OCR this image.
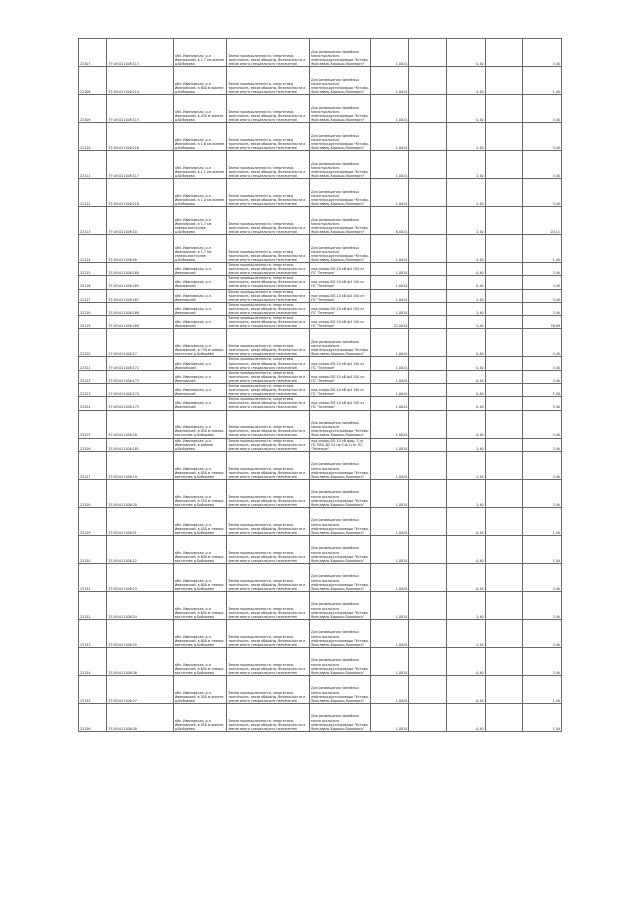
22107	37:05:011106:113	обл. Ивановская, р-н Ивановский, в 1,7 км южнее д.Бибирево	Земли промышленности, энергетики, транспорта, связи обороны, безопасности и земли иного специального назначения	Для размещения линейных магистрального нефтепродуктопровода "Кстово-Ярославль-Кириши-Приморск"	1,0024		0,40		3,40
22108	37:05:011106:114	обл. Ивановская, р-н Ивановский, в 800 м южнее д.Бибирево	Земли промышленности, энергетики, транспорта, связи обороны, безопасности и земли иного специального назначения	Для размещения линейных магистрального нефтепродуктопровода "Кстово-Ярославль-Кириши-Приморск"	1,0024		0,40		1,40
22109	37:05:011106:115	обл. Ивановская, р-н Ивановский, в 450 м южнее д.Бибирево	Земли промышленности, энергетики, транспорта, связи обороны, безопасности и земли иного специального назначения	Для размещения линейных магистрального нефтепродуктопровода "Кстово-Ярославль-Кириши-Приморск"	1,0024		0,40		3,40
22110	37:05:011106:116	обл. Ивановская, р-н Ивановский, в 1,6 км южнее д.Бибирево	Земли промышленности, энергетики, транспорта, связи обороны, безопасности и земли иного специального назначения	Для размещения линейных магистрального нефтепродуктопровода "Кстово-Ярославль-Кириши-Приморск"	1,0024		2,40		3,40
22111	37:05:011106:117	обл. Ивановская, р-н Ивановский, в 1,1 км южнее д.Бибирево	Земли промышленности, энергетики, транспорта, связи обороны, безопасности и земли иного специального назначения	Для размещения линейных магистрального нефтепродуктопровода "Кстово-Ярославль-Кириши-Приморск"	1,0024		2,40		3,40
22112	37:05:011106:118	обл. Ивановская, р-н Ивановский, в 1,0 км южнее д.Бибирево	Земли промышленности, энергетики, транспорта, связи обороны, безопасности и земли иного специального назначения	Для размещения линейных магистрального нефтепродуктопровода "Кстово-Ярославль-Кириши-Приморск"	1,0024		2,40		3,40
22113	37:05:011106:10	обл. Ивановская, р-н Ивановский, в 1,7 км северо-восточнее д.Бибирево	Земли промышленности, энергетики, транспорта, связи обороны, безопасности и земли иного специального назначения	Для размещения линейных магистрального нефтепродуктопровода "Кстово-Ярославль-Кириши-Приморск"	6,0024		2,40		20,11
22114	37:05:011106:48	обл. Ивановская, р-н Ивановский, в 1,7 км северо-восточнее д.Бибирево	Земли промышленности, энергетики, транспорта, связи обороны, безопасности и земли иного специального назначения	Для размещения линейных магистрального нефтепродуктопровода "Кстово-Ярославль-Кириши-Приморск"	1,0024		0,40		1,40
22115	37:05:011106:160	обл. Ивановская, р-н Ивановский	Земли промышленности, энергетики, транспорта, связи обороны, безопасности и земли иного специального назначения	под опоры ВЛ-10 кВ ф4 150 от ПС "Зеленые"	1,0024		0,40		3,40
22116	37:05:011106:165	обл. Ивановская, р-н Ивановский	Земли промышленности, энергетики, транспорта, связи обороны, безопасности и земли иного специального назначения	под опоры ВЛ-10 кВ ф4 150 от ПС "Зеленые"	1,0024		0,40		3,40
22117	37:05:011106:167	обл. Ивановская, р-н Ивановский	Земли промышленности, энергетики, транспорта, связи обороны, безопасности и земли иного специального назначения	под опоры ВЛ-10 кВ ф4 150 от ПС "Зеленые"	1,0024		2,40		3,40
22118	37:05:011106:168	обл. Ивановская, р-н Ивановский	Земли промышленности, энергетики, транспорта, связи обороны, безопасности и земли иного специального назначения	под опоры ВЛ-10 кВ ф4 150 от ПС "Зеленые"	1,0024		2,40		3,40
22119	37:05:011106:169	обл. Ивановская, р-н Ивановский	Земли промышленности, энергетики, транспорта, связи обороны, безопасности и земли иного специального назначения	под опоры ВЛ-10 кВ ф4 150 от ПС "Зеленые"	22,0024		2,40		76,09
22120	37:05:011106:17	обл. Ивановская, р-н Ивановский, в 750 м северо-восточнее д.Бибирево	Земли промышленности, энергетики, транспорта, связи обороны, безопасности и земли иного специального назначения	Для размещения линейных магистрального нефтепродуктопровода "Кстово-Ярославль-Кириши-Приморск"	1,0024		0,40		3,40
22121	37:05:011106:172	обл. Ивановская, р-н Ивановский	Земли промышленности, энергетики, транспорта, связи обороны, безопасности и земли иного специального назначения	под опоры ВЛ-10 кВ ф4 150 от ПС "Зеленые"	1,0024		0,40		3,40
22122	37:05:011106:173	обл. Ивановская, р-н Ивановский	Земли промышленности, энергетики, транспорта, связи обороны, безопасности и земли иного специального назначения	под опоры ВЛ-10 кВ ф4 150 от ПС "Зеленые"	1,0024		0,40		3,40
22123	37:05:011106:174	обл. Ивановская, р-н Ивановский	Земли промышленности, энергетики, транспорта, связи обороны, безопасности и земли иного специального назначения	под опоры ВЛ-10 кВ ф4 150 от ПС "Зеленые"	1,0024		0,40		1,40
22124	37:05:011106:175	обл. Ивановская, р-н Ивановский	Земли промышленности, энергетики, транспорта, связи обороны, безопасности и земли иного специального назначения	под опоры ВЛ-10 кВ ф4 150 от ПС "Зеленые"	1,0024		0,40		3,40
22125	37:05:011106:18	обл. Ивановская, р-н Ивановский, в 850 м северо-восточнее д.Бибирево	Земли промышленности, энергетики, транспорта, связи обороны, безопасности и земли иного специального назначения	Для размещения линейных магистрального нефтепродуктопровода "Кстово-Ярославль-Кириши-Приморск"	1,0024		0,40		3,40
22126	37:05:011106:181	обл. Ивановская, р-н Ивановский, в районе д.Бибирево	Земли промышленности, энергетики, транспорта, связи обороны, безопасности и земли иного специального назначения	под опоры ВЛ-10 кВ фид. 1 от ПС ПАО ДЗ 24 (ф.3 ф.1) от ПС "Зеленые"	1,0024		2,40		3,40
22127	37:05:011106:19	обл. Ивановская, р-н Ивановский, в 850 м северо-восточнее д.Бибирево	Земли промышленности, энергетики, транспорта, связи обороны, безопасности и земли иного специального назначения	Для размещения линейных магистрального нефтепродуктопровода "Кстово-Ярославль-Кириши-Приморск"	1,0024		2,40		3,40
22128	37:05:011106:20	обл. Ивановская, р-н Ивановский, в 550 м северо-восточнее д.Бибирево	Земли промышленности, энергетики, транспорта, связи обороны, безопасности и земли иного специального назначения	Для размещения линейных магистрального нефтепродуктопровода "Кстово-Ярославль-Кириши-Приморск"	1,0024		2,40		3,40
22129	37:05:011106:21	обл. Ивановская, р-н Ивановский, в 450 м северо-восточнее д.Бибирево	Земли промышленности, энергетики, транспорта, связи обороны, безопасности и земли иного специального назначения	Для размещения линейных магистрального нефтепродуктопровода "Кстово-Ярославль-Кириши-Приморск"	1,0024		0,40		1,40
22130	37:05:011106:22	обл. Ивановская, р-н Ивановский, в 600 м северо-восточнее д.Бибирево	Земли промышленности, энергетики, транспорта, связи обороны, безопасности и земли иного специального назначения	Для размещения линейных магистрального нефтепродуктопровода "Кстово-Ярославль-Кириши-Приморск"	1,0024		0,40		1,40
22131	37:05:011106:23	обл. Ивановская, р-н Ивановский, в 600 м северо-восточнее д.Бибирево	Земли промышленности, энергетики, транспорта, связи обороны, безопасности и земли иного специального назначения	Для размещения линейных магистрального нефтепродуктопровода "Кстово-Ярославль-Кириши-Приморск"	1,0024		0,40		3,40
22132	37:05:011106:24	обл. Ивановская, р-н Ивановский, в 650 м северо-восточнее д.Бибирево	Земли промышленности, энергетики, транспорта, связи обороны, безопасности и земли иного специального назначения	Для размещения линейных магистрального нефтепродуктопровода "Кстово-Ярославль-Кириши-Приморск"	1,0024		2,40		3,40
22133	37:05:011106:25	обл. Ивановская, р-н Ивановский, в 600 м северо-восточнее д.Бибирево	Земли промышленности, энергетики, транспорта, связи обороны, безопасности и земли иного специального назначения	Для размещения линейных магистрального нефтепродуктопровода "Кстово-Ярославль-Кириши-Приморск"	1,0024		2,40		3,40
22134	37:05:011106:26	обл. Ивановская, р-н Ивановский, в 650 м северо-восточнее д.Бибирево	Земли промышленности, энергетики, транспорта, связи обороны, безопасности и земли иного специального назначения	Для размещения линейных магистрального нефтепродуктопровода "Кстово-Ярославль-Кириши-Приморск"	1,0024		0,40		3,40
22135	37:05:011106:27	обл. Ивановская, р-н Ивановский, в 500 м южнее д.Бибирево	Земли промышленности, энергетики, транспорта, связи обороны, безопасности и земли иного специального назначения	Для размещения линейных магистрального нефтепродуктопровода "Кстово-Ярославль-Кириши-Приморск"	1,0024		0,40		1,40
22136	37:05:011106:28	обл. Ивановская, р-н Ивановский, в 550 м южнее д.Бибирево	Земли промышленности, энергетики, транспорта, связи обороны, безопасности и земли иного специального назначения	Для размещения линейных магистрального нефтепродуктопровода "Кстово-Ярославль-Кириши-Приморск"	1,0024		0,40		1,40
